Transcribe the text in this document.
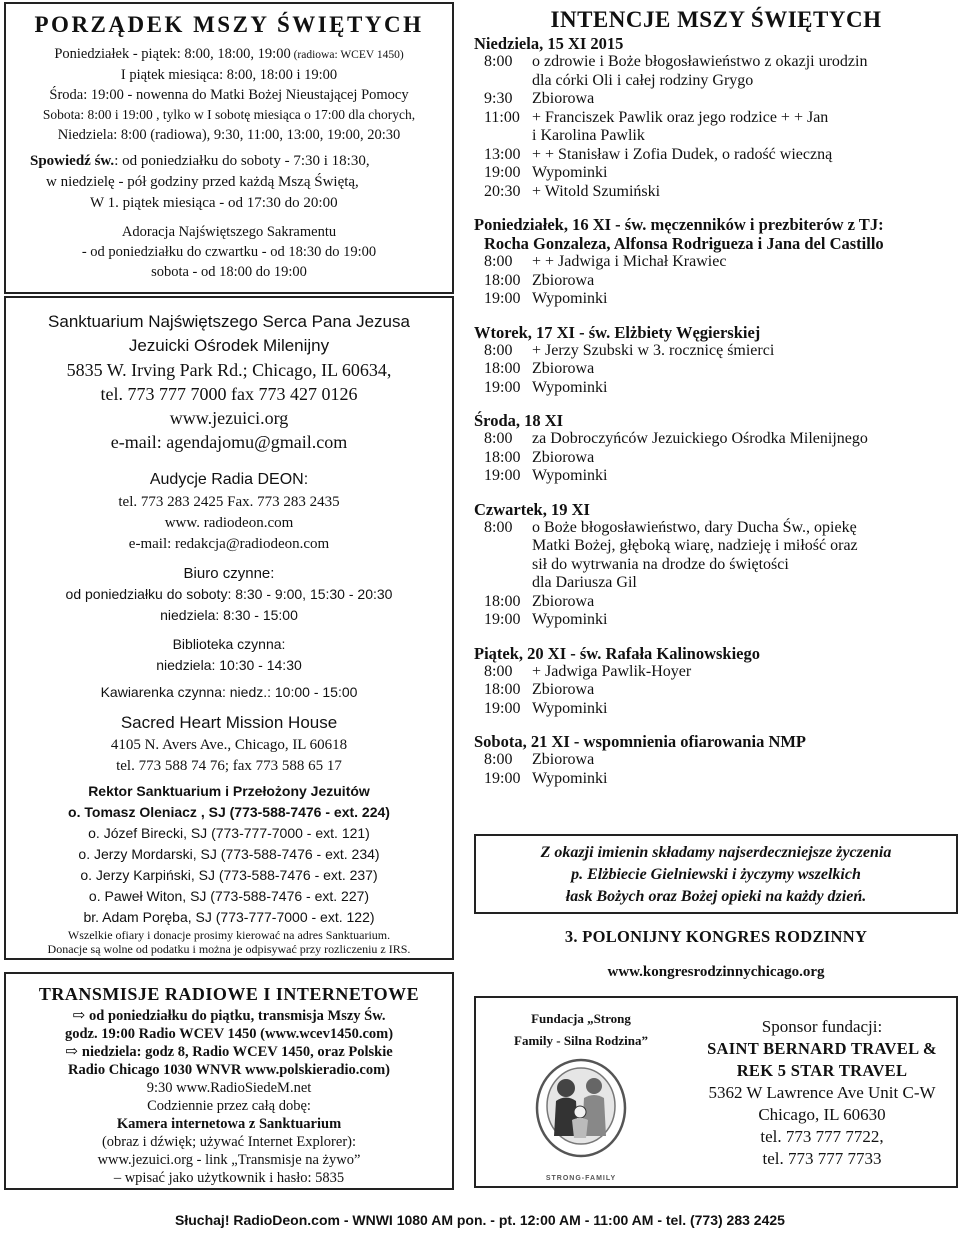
PORZĄDEK MSZY ŚWIĘTYCH
Poniedziałek - piątek: 8:00, 18:00, 19:00 (radiowa: WCEV 1450)
I piątek miesiąca: 8:00, 18:00 i 19:00
Środa: 19:00 - nowenna do Matki Bożej Nieustającej Pomocy
Sobota: 8:00 i 19:00 , tylko w I sobotę miesiąca o 17:00 dla chorych,
Niedziela: 8:00 (radiowa), 9:30, 11:00, 13:00, 19:00, 20:30
Spowiedź św.: od poniedziałku do soboty - 7:30 i 18:30,
w niedzielę - pół godziny przed każdą Mszą Świętą,
W 1. piątek miesiąca - od 17:30 do 20:00
Adoracja Najświętszego Sakramentu
- od poniedziałku do czwartku - od 18:30 do 19:00
sobota - od 18:00 do 19:00
Sanktuarium Najświętszego Serca Pana Jezusa
Jezuicki Ośrodek Milenijny
5835 W. Irving Park Rd.; Chicago, IL 60634,
tel. 773 777 7000 fax 773 427 0126
www.jezuici.org
e-mail: agendajomu@gmail.com
Audycje Radia DEON:
tel. 773 283 2425 Fax. 773 283 2435
www. radiodeon.com
e-mail: redakcja@radiodeon.com
Biuro czynne:
od poniedziałku do soboty: 8:30 - 9:00, 15:30 - 20:30
niedziela: 8:30 - 15:00
Biblioteka czynna:
niedziela: 10:30 - 14:30
Kawiarenka czynna: niedz.: 10:00 - 15:00
Sacred Heart Mission House
4105 N. Avers Ave., Chicago, IL 60618
tel. 773 588 74 76; fax 773 588 65 17
Rektor Sanktuarium i Przełożony Jezuitów
o. Tomasz Oleniacz , SJ (773-588-7476 - ext. 224)
o. Józef Birecki, SJ (773-777-7000 - ext. 121)
o. Jerzy Mordarski, SJ (773-588-7476 - ext. 234)
o. Jerzy Karpiński, SJ (773-588-7476 - ext. 237)
o. Paweł Witon, SJ (773-588-7476 - ext. 227)
br. Adam Poręba, SJ (773-777-7000 - ext. 122)
Wszelkie ofiary i donacje prosimy kierować na adres Sanktuarium.
Donacje są wolne od podatku i można je odpisywać przy rozliczeniu z IRS.
TRANSMISJE RADIOWE I INTERNETOWE
⇨ od poniedziałku do piątku, transmisja Mszy Św.
godz. 19:00 Radio WCEV 1450 (www.wcev1450.com)
⇨ niedziela: godz 8, Radio WCEV 1450, oraz Polskie
Radio Chicago 1030 WNVR www.polskieradio.com)
9:30 www.RadioSiedeM.net
Codziennie przez całą dobę:
Kamera internetowa z Sanktuarium
(obraz i dźwięk; używać Internet Explorer):
www.jezuici.org - link „Transmisje na żywo”
– wpisać jako użytkownik i hasło: 5835
INTENCJE MSZY ŚWIĘTYCH
Niedziela, 15 XI 2015
8:00 o zdrowie i Boże błogosławieństwo z okazji urodzin
dla córki Oli i całej rodziny Grygo
9:30 Zbiorowa
11:00 + Franciszek Pawlik oraz jego rodzice + + Jan
i Karolina Pawlik
13:00 + + Stanisław i Zofia Dudek, o radość wieczną
19:00 Wypominki
20:30 + Witold Szumiński
Poniedziałek, 16 XI - św. męczenników i prezbiterów z TJ:
Rocha Gonzaleza, Alfonsa Rodrigueza i Jana del Castillo
8:00 + + Jadwiga i Michał Krawiec
18:00 Zbiorowa
19:00 Wypominki
Wtorek, 17 XI - św. Elżbiety Węgierskiej
8:00 + Jerzy Szubski w 3. rocznicę śmierci
18:00 Zbiorowa
19:00 Wypominki
Środa, 18 XI
8:00 za Dobroczyńców Jezuickiego Ośrodka Milenijnego
18:00 Zbiorowa
19:00 Wypominki
Czwartek, 19 XI
8:00 o Boże błogosławieństwo, dary Ducha Św., opiekę
Matki Bożej, głęboką wiarę, nadzieję i miłość oraz
sił do wytrwania na drodze do świętości
dla Dariusza Gil
18:00 Zbiorowa
19:00 Wypominki
Piątek, 20 XI - św. Rafała Kalinowskiego
8:00 + Jadwiga Pawlik-Hoyer
18:00 Zbiorowa
19:00 Wypominki
Sobota, 21 XI - wspomnienia ofiarowania NMP
8:00 Zbiorowa
19:00 Wypominki
Z okazji imienin składamy najserdeczniejsze życzenia
p. Elżbiecie Gielniewski i życzymy wszelkich
łask Bożych oraz Bożej opieki na każdy dzień.
3. POLONIJNY KONGRES RODZINNY
www.kongresrodzinnychicago.org
Fundacja „Strong
Family - Silna Rodzina”
STRONG-FAMILY
Sponsor fundacji:
SAINT BERNARD TRAVEL &
REK 5 STAR TRAVEL
5362 W Lawrence Ave Unit C-W
Chicago, IL 60630
tel. 773 777 7722,
tel. 773 777 7733
Słuchaj! RadioDeon.com - WNWI 1080 AM pon. - pt. 12:00 AM - 11:00 AM - tel. (773) 283 2425
